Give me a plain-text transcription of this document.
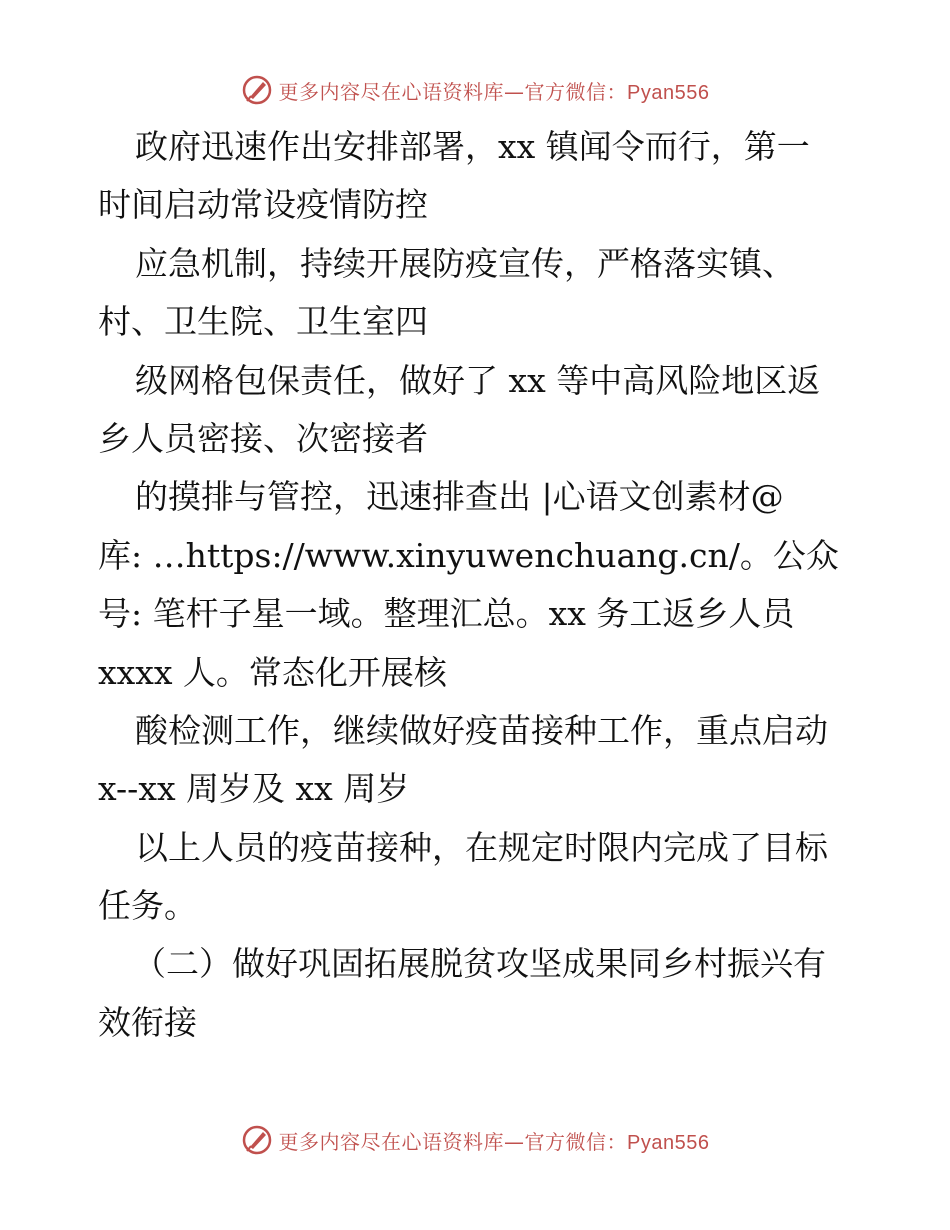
更多内容尽在心语资料库—官方微信：Pyan556
政府迅速作出安排部署，xx 镇闻令而行，第一
时间启动常设疫情防控
应急机制，持续开展防疫宣传，严格落实镇、
村、卫生院、卫生室四
级网格包保责任，做好了 xx 等中高风险地区返
乡人员密接、次密接者
的摸排与管控，迅速排查出 |心语文创素材@
库: …https://www.xinyuwenchuang.cn/。公众
号: 笔杆子星一域。整理汇总。xx 务工返乡人员
xxxx 人。常态化开展核
酸检测工作，继续做好疫苗接种工作，重点启动
x--xx 周岁及 xx 周岁
以上人员的疫苗接种，在规定时限内完成了目标
任务。
（二）做好巩固拓展脱贫攻坚成果同乡村振兴有
效衔接
更多内容尽在心语资料库—官方微信：Pyan556
